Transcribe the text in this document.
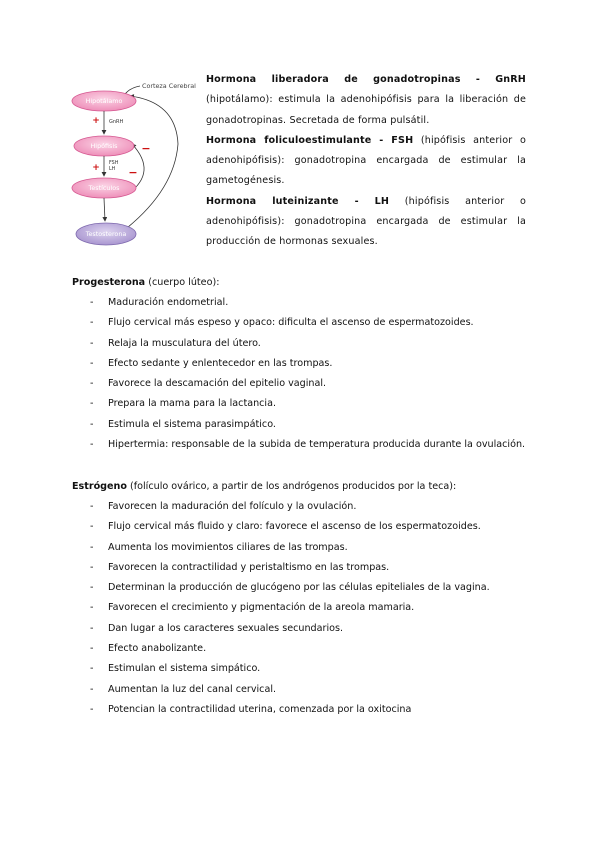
Corteza Cerebral
Hipotálamo
Hipófisis
Testículos
Testosterona
+ GnRH
+ FSH
LH −
−

Hormona liberadora de gonadotropinas - GnRH (hipotálamo): estimula la adenohipófisis para la liberación de gonadotropinas. Secretada de forma pulsátil.

Hormona foliculoestimulante - FSH (hipófisis anterior o adenohipófisis): gonadotropina encargada de estimular la gametogénesis.

Hormona luteinizante - LH (hipófisis anterior o adenohipófisis): gonadotropina encargada de estimular la producción de hormonas sexuales.

Progesterona (cuerpo lúteo):

- Maduración endometrial.
- Flujo cervical más espeso y opaco: dificulta el ascenso de espermatozoides.
- Relaja la musculatura del útero.
- Efecto sedante y enlentecedor en las trompas.
- Favorece la descamación del epitelio vaginal.
- Prepara la mama para la lactancia.
- Estimula el sistema parasimpático.
- Hipertermia: responsable de la subida de temperatura producida durante la ovulación.

Estrógeno (folículo ovárico, a partir de los andrógenos producidos por la teca):

- Favorecen la maduración del folículo y la ovulación.
- Flujo cervical más fluido y claro: favorece el ascenso de los espermatozoides.
- Aumenta los movimientos ciliares de las trompas.
- Favorecen la contractilidad y peristaltismo en las trompas.
- Determinan la producción de glucógeno por las células epiteliales de la vagina.
- Favorecen el crecimiento y pigmentación de la areola mamaria.
- Dan lugar a los caracteres sexuales secundarios.
- Efecto anabolizante.
- Estimulan el sistema simpático.
- Aumentan la luz del canal cervical.
- Potencian la contractilidad uterina, comenzada por la oxitocina
